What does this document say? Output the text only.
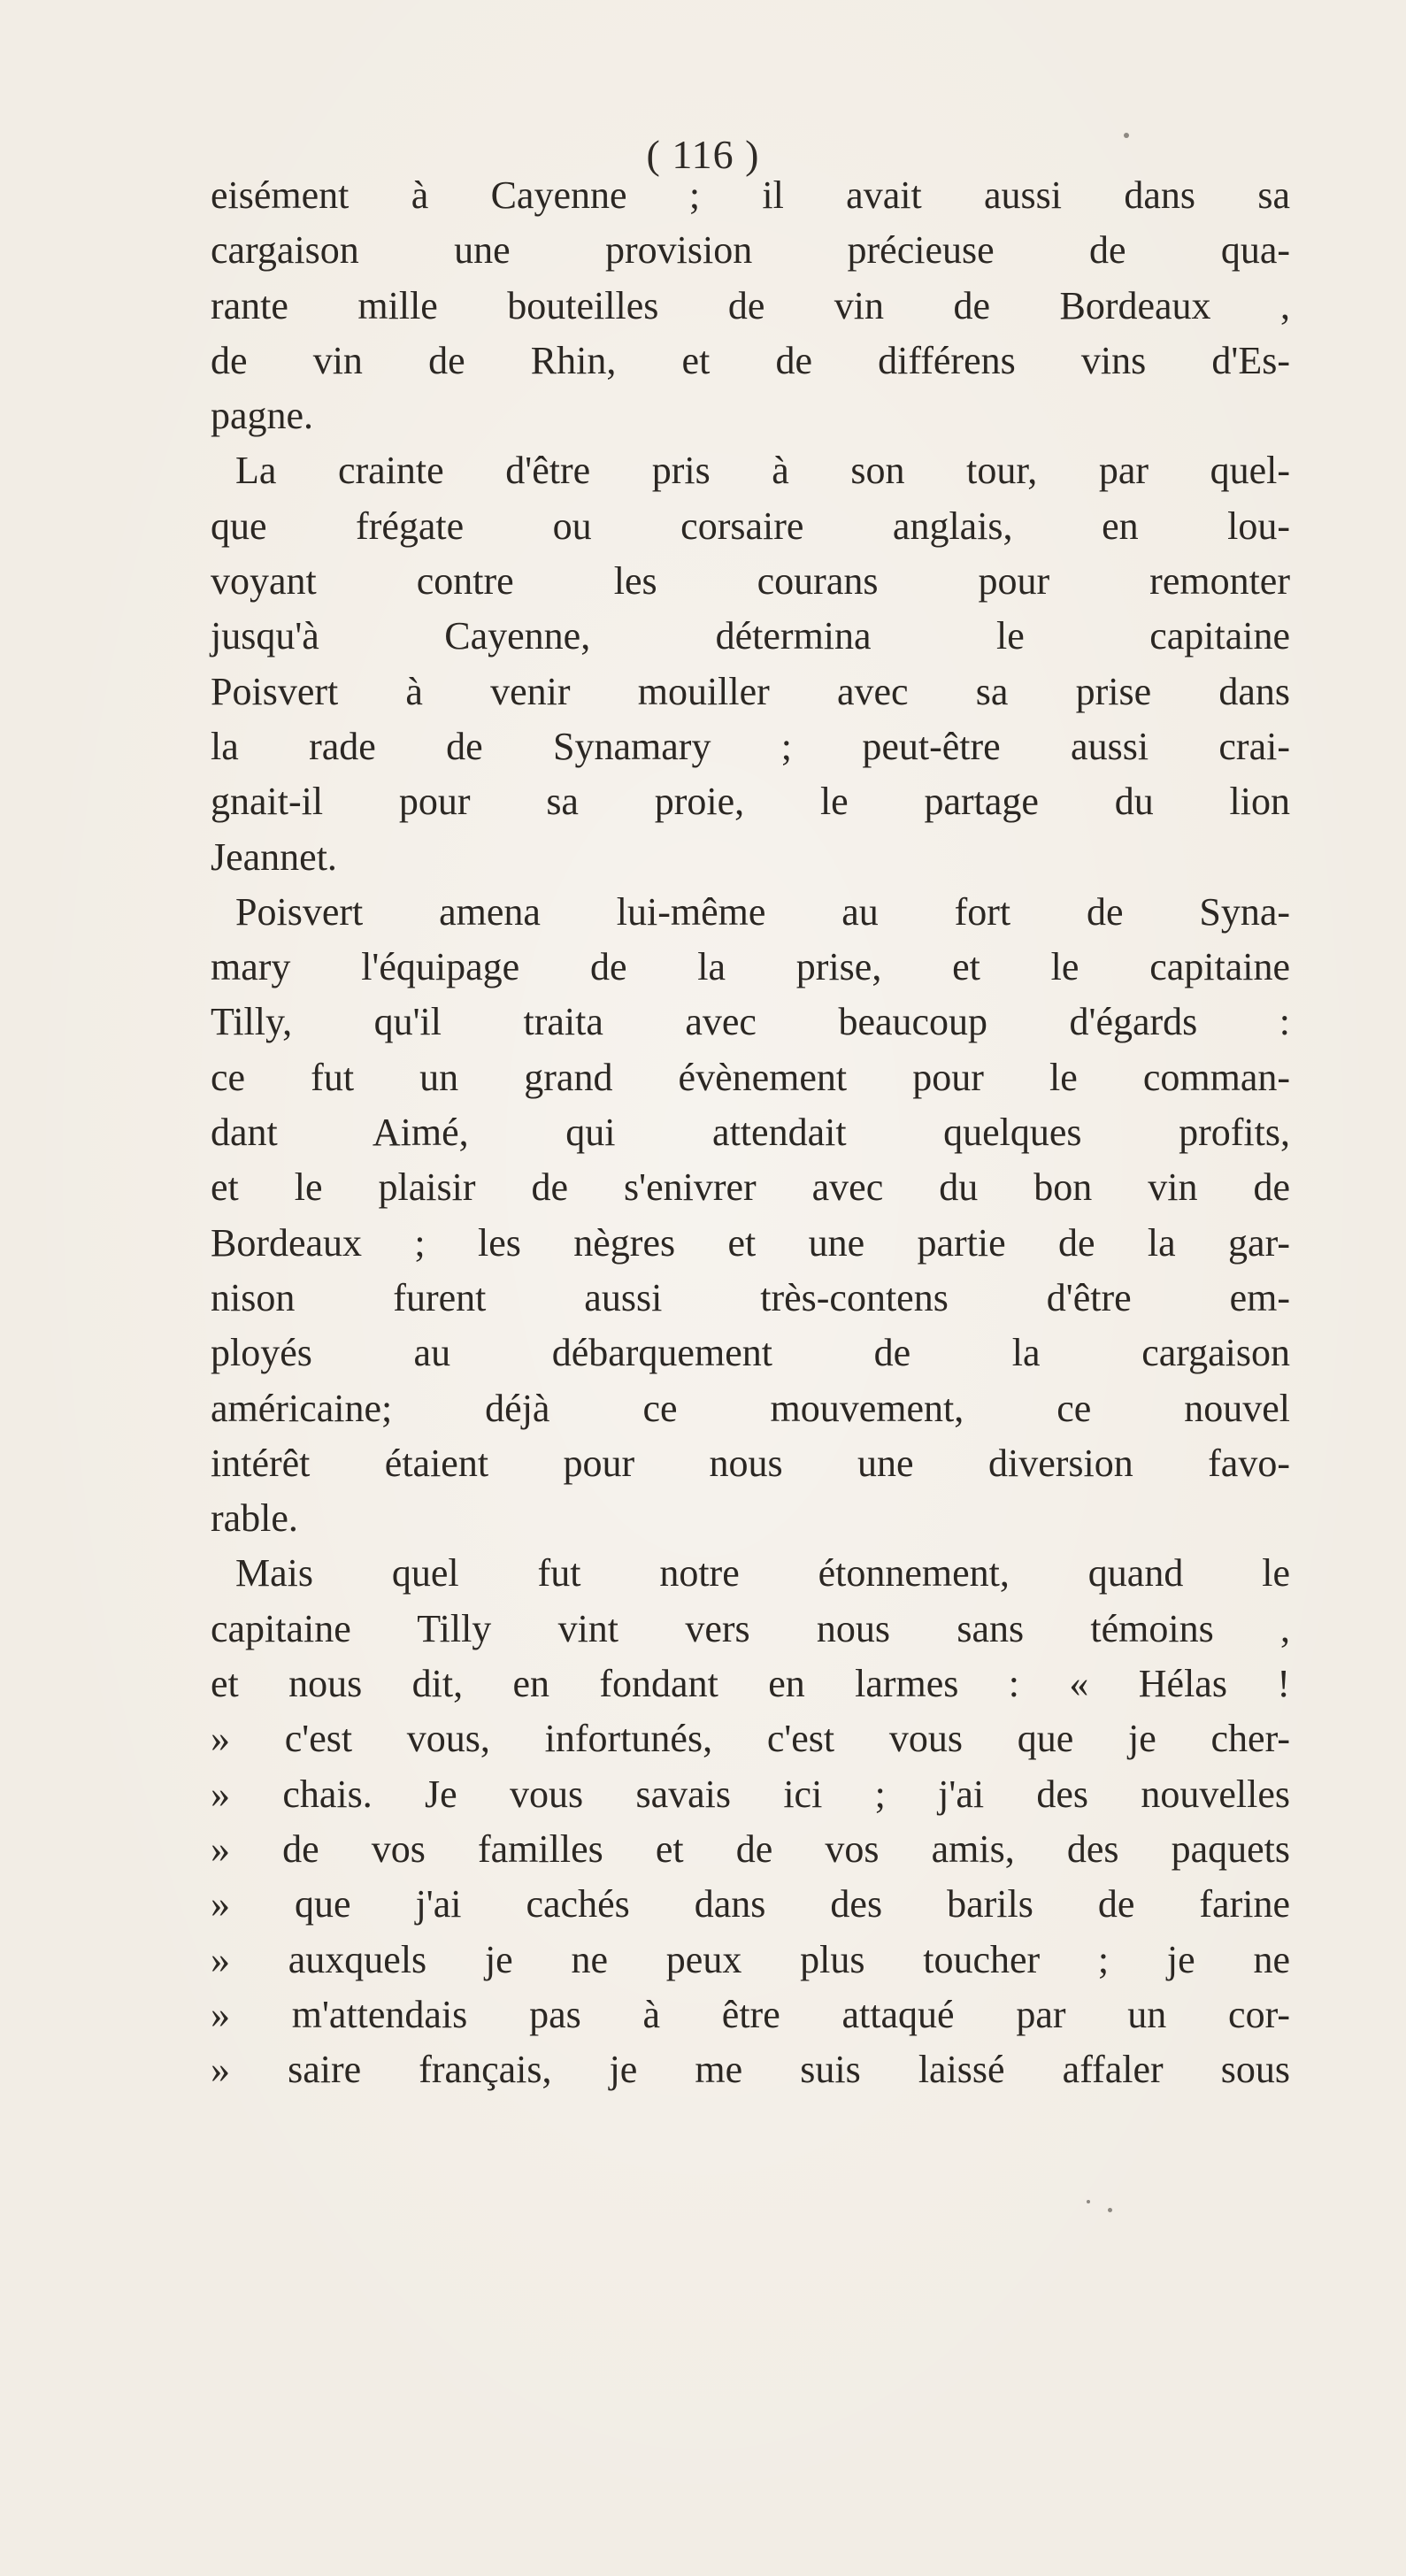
( 116 )
eisément à Cayenne ; il avait aussi dans sa
cargaison une provision précieuse de qua-
rante mille bouteilles de vin de Bordeaux ,
de vin de Rhin, et de différens vins d'Es-
pagne.
La crainte d'être pris à son tour, par quel-
que frégate ou corsaire anglais, en lou-
voyant contre les courans pour remonter
jusqu'à Cayenne, détermina le capitaine
Poisvert à venir mouiller avec sa prise dans
la rade de Synamary ; peut-être aussi crai-
gnait-il pour sa proie, le partage du lion
Jeannet.
Poisvert amena lui-même au fort de Syna-
mary l'équipage de la prise, et le capitaine
Tilly, qu'il traita avec beaucoup d'égards :
ce fut un grand évènement pour le comman-
dant Aimé, qui attendait quelques profits,
et le plaisir de s'enivrer avec du bon vin de
Bordeaux ; les nègres et une partie de la gar-
nison furent aussi très-contens d'être em-
ployés au débarquement de la cargaison
américaine; déjà ce mouvement, ce nouvel
intérêt étaient pour nous une diversion favo-
rable.
Mais quel fut notre étonnement, quand le
capitaine Tilly vint vers nous sans témoins ,
et nous dit, en fondant en larmes : « Hélas !
» c'est vous, infortunés, c'est vous que je cher-
» chais. Je vous savais ici ; j'ai des nouvelles
» de vos familles et de vos amis, des paquets
» que j'ai cachés dans des barils de farine
» auxquels je ne peux plus toucher ; je ne
» m'attendais pas à être attaqué par un cor-
» saire français, je me suis laissé affaler sous
